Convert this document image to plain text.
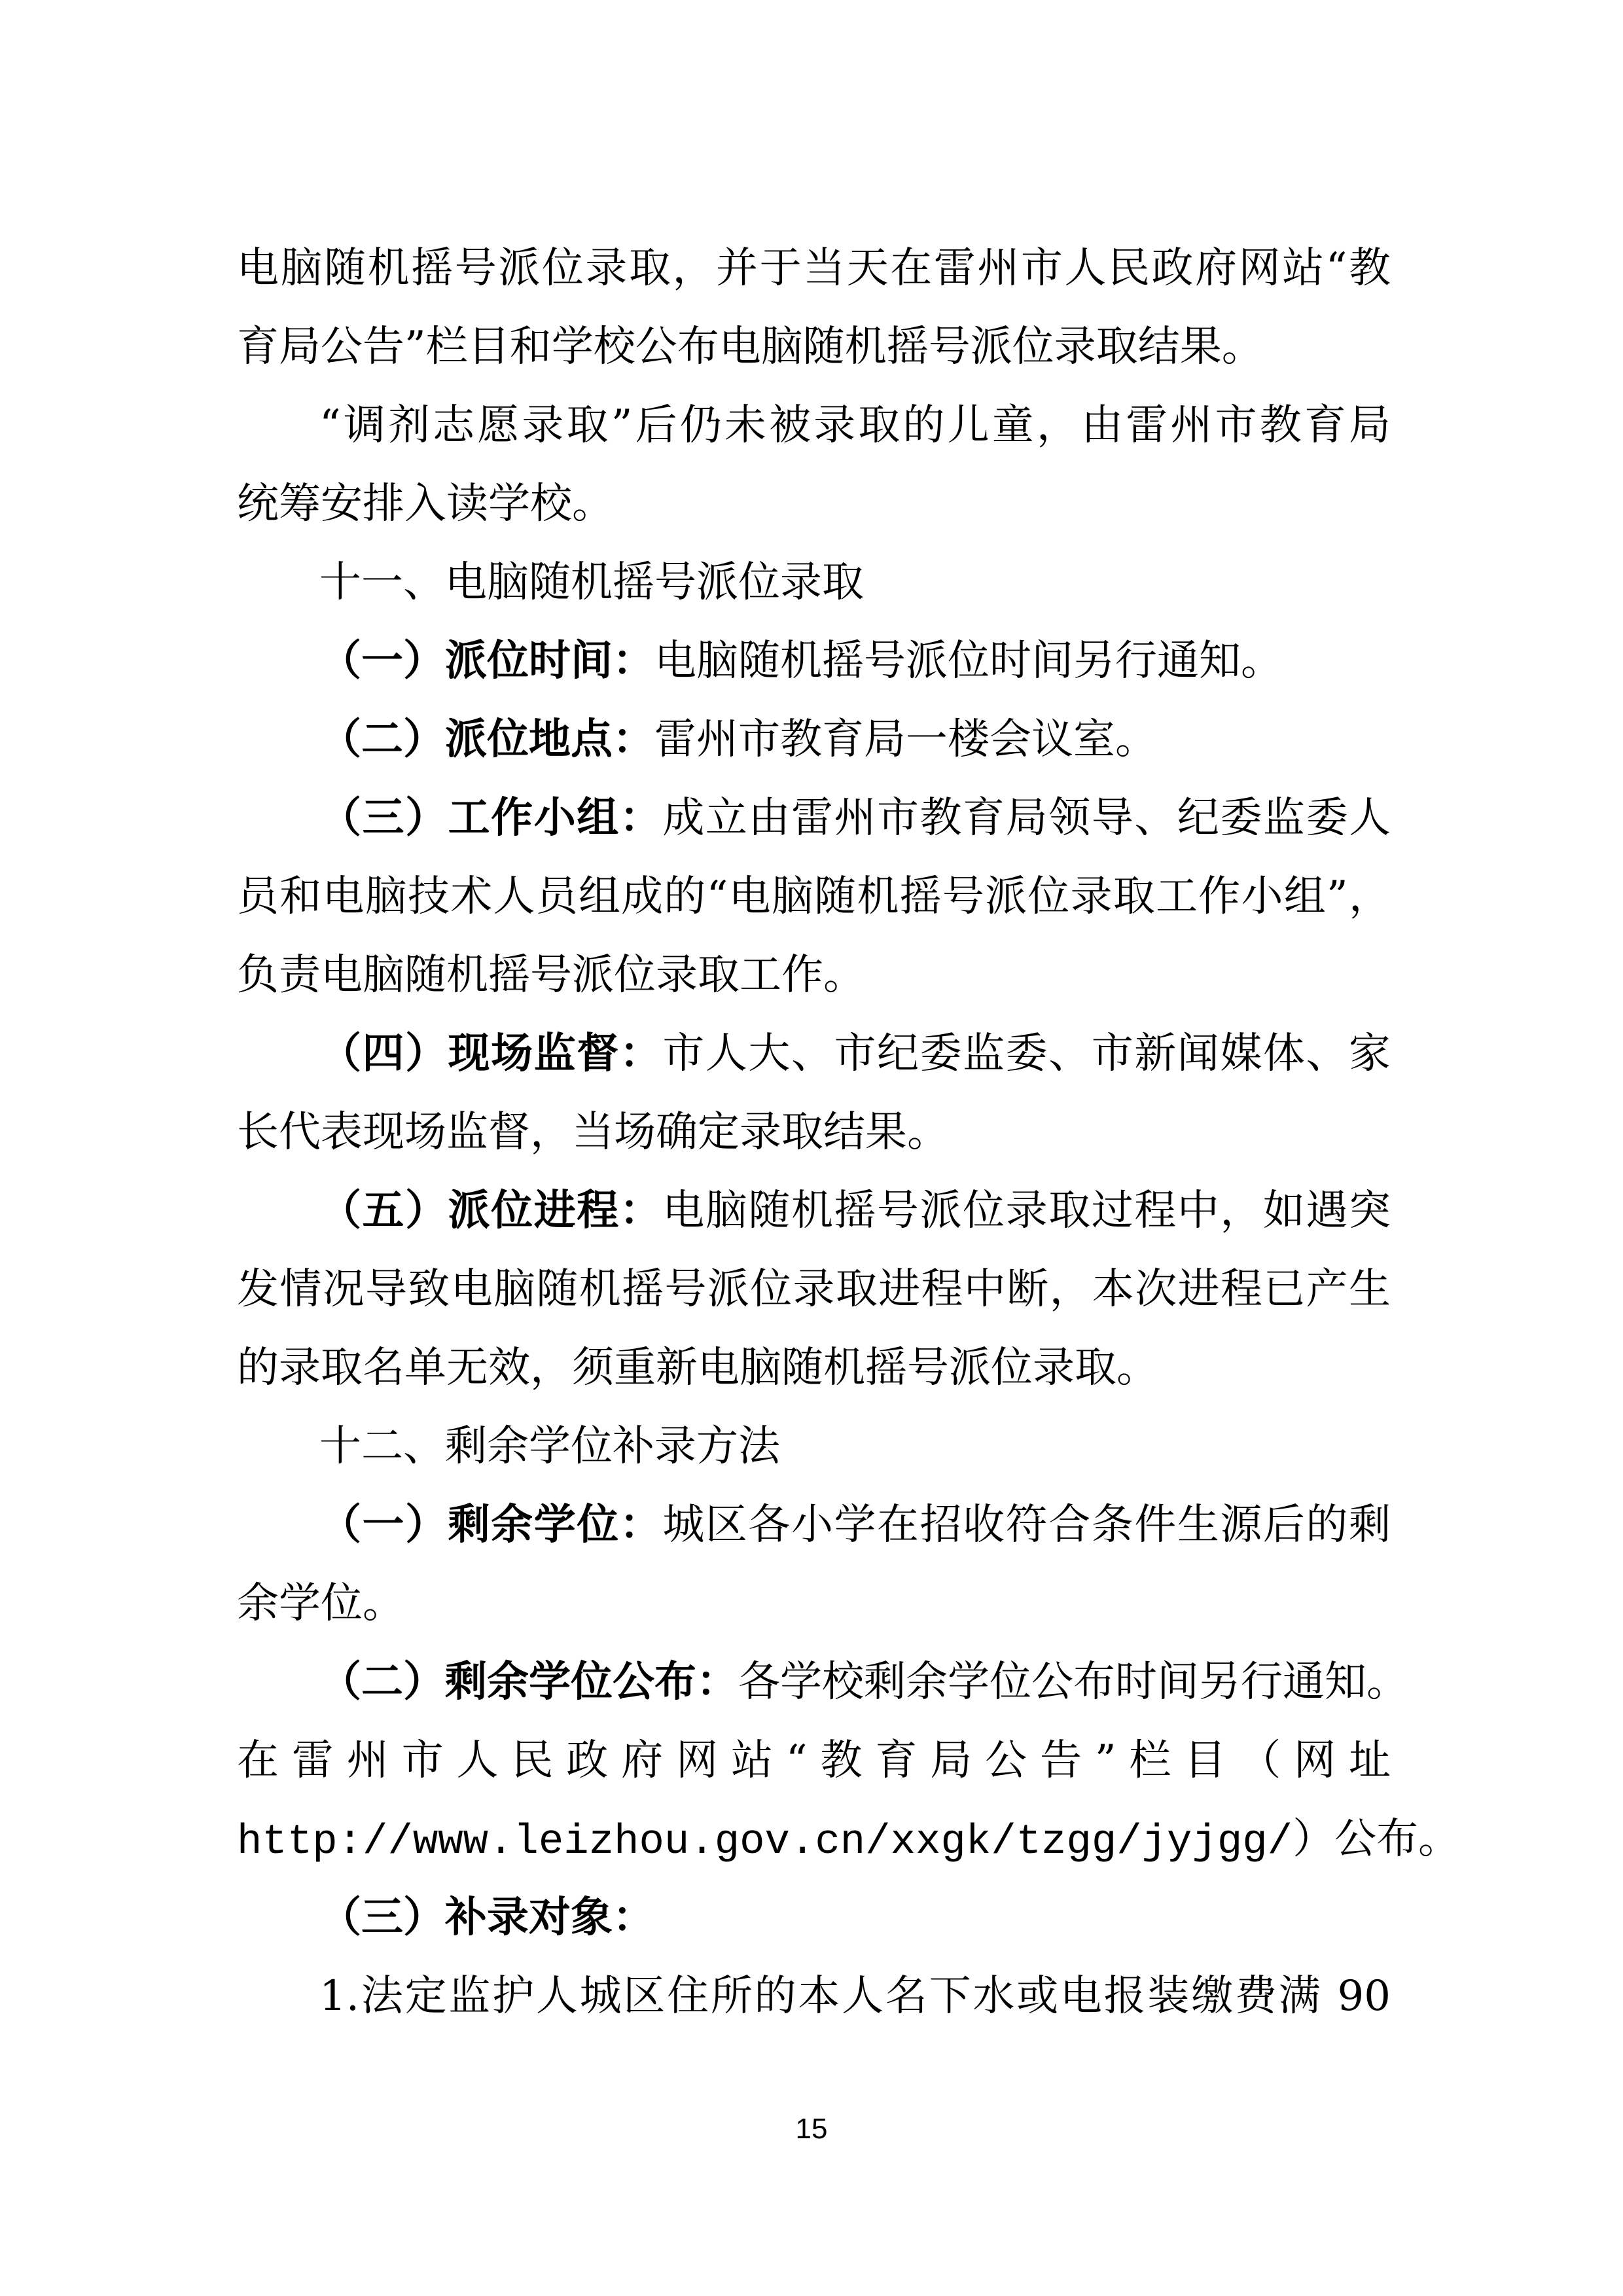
电脑随机摇号派位录取，并于当天在雷州市人民政府网站“教
育局公告”栏目和学校公布电脑随机摇号派位录取结果。
“调剂志愿录取”后仍未被录取的儿童，由雷州市教育局
统筹安排入读学校。
十一、电脑随机摇号派位录取
（一）派位时间：电脑随机摇号派位时间另行通知。
（二）派位地点：雷州市教育局一楼会议室。
（三）工作小组：成立由雷州市教育局领导、纪委监委人
员和电脑技术人员组成的“电脑随机摇号派位录取工作小组”，
负责电脑随机摇号派位录取工作。
（四）现场监督：市人大、市纪委监委、市新闻媒体、家
长代表现场监督，当场确定录取结果。
（五）派位进程：电脑随机摇号派位录取过程中，如遇突
发情况导致电脑随机摇号派位录取进程中断，本次进程已产生
的录取名单无效，须重新电脑随机摇号派位录取。
十二、剩余学位补录方法
（一）剩余学位：城区各小学在招收符合条件生源后的剩
余学位。
（二）剩余学位公布：各学校剩余学位公布时间另行通知。
在雷州市人民政府网站“教育局公告”栏目（网址
http://www.leizhou.gov.cn/xxgk/tzgg/jyjgg/）公布。
（三）补录对象：
1.法定监护人城区住所的本人名下水或电报装缴费满 90
15
